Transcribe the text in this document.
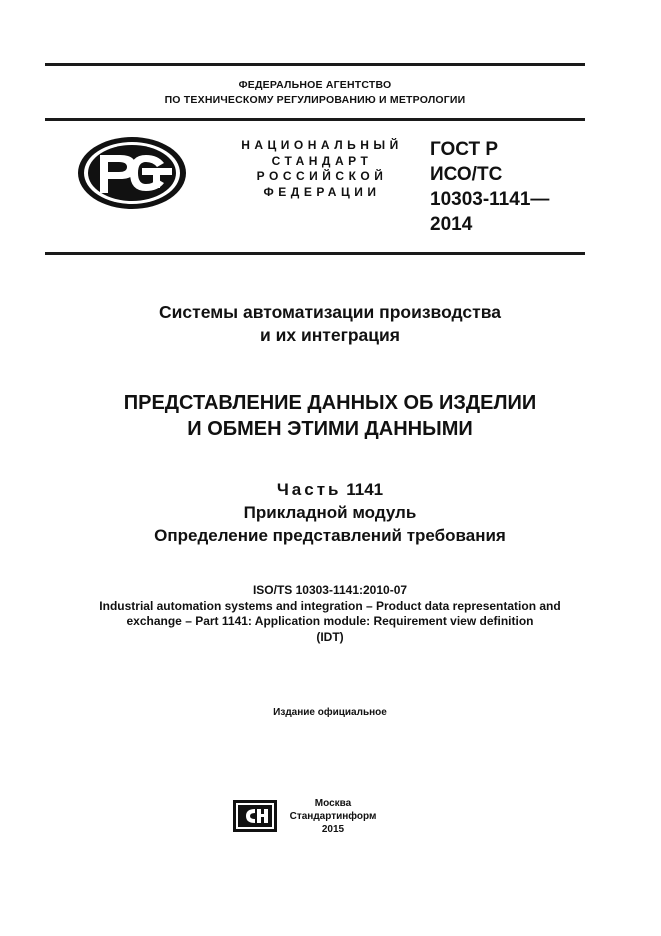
ФЕДЕРАЛЬНОЕ АГЕНТСТВО
ПО ТЕХНИЧЕСКОМУ РЕГУЛИРОВАНИЮ И МЕТРОЛОГИИ
НАЦИОНАЛЬНЫЙ
СТАНДАРТ
РОССИЙСКОЙ
ФЕДЕРАЦИИ
ГОСТ Р
ИСО/ТС
10303-1141—
2014
Системы автоматизации производства
и их интеграция
ПРЕДСТАВЛЕНИЕ ДАННЫХ ОБ ИЗДЕЛИИ
И ОБМЕН ЭТИМИ ДАННЫМИ
Часть 1141
Прикладной модуль
Определение представлений требования
ISO/TS 10303-1141:2010-07
Industrial automation systems and integration – Product data representation and
exchange – Part 1141: Application module: Requirement view definition
(IDT)
Издание официальное
Москва
Стандартинформ
2015
